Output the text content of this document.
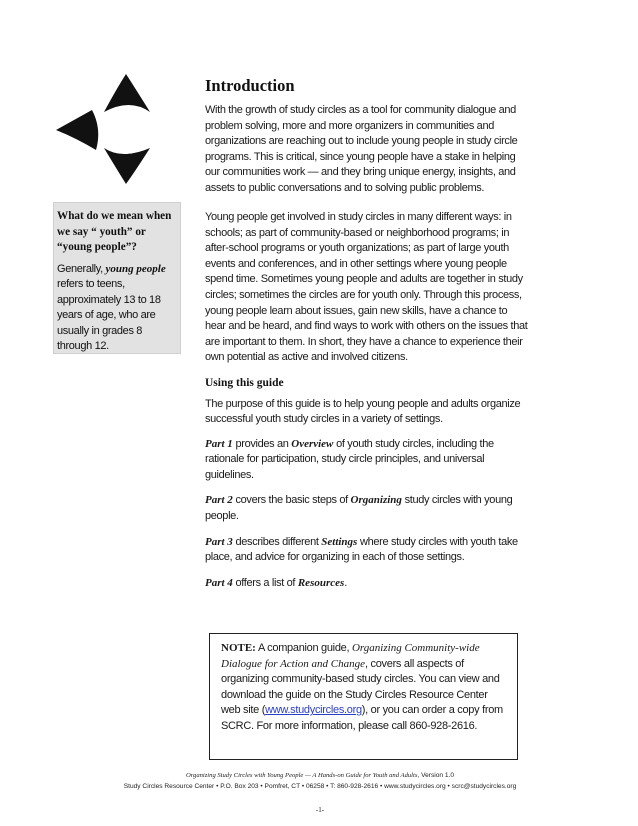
What do we mean when we say “ youth” or “young people”?

Generally, young people refers to teens, approximately 13 to 18 years of age, who are usually in grades 8 through 12.

Introduction

With the growth of study circles as a tool for community dialogue and problem solving, more and more organizers in communities and organizations are reaching out to include young people in study circle programs. This is critical, since young people have a stake in helping our communities work — and they bring unique energy, insights, and assets to public conversations and to solving public problems.

Young people get involved in study circles in many different ways: in schools; as part of community-based or neighborhood programs; in after-school programs or youth organizations; as part of large youth events and conferences, and in other settings where young people spend time. Sometimes young people and adults are together in study circles; sometimes the circles are for youth only. Through this process, young people learn about issues, gain new skills, have a chance to hear and be heard, and find ways to work with others on the issues that are important to them. In short, they have a chance to experience their own potential as active and involved citizens.

Using this guide

The purpose of this guide is to help young people and adults organize successful youth study circles in a variety of settings.

Part 1 provides an Overview of youth study circles, including the rationale for participation, study circle principles, and universal guidelines.

Part 2 covers the basic steps of Organizing study circles with young people.

Part 3 describes different Settings where study circles with youth take place, and advice for organizing in each of those settings.

Part 4 offers a list of Resources.

NOTE: A companion guide, Organizing Community-wide Dialogue for Action and Change, covers all aspects of organizing community-based study circles. You can view and download the guide on the Study Circles Resource Center web site (www.studycircles.org), or you can order a copy from SCRC. For more information, please call 860-928-2616.
Organizing Study Circles with Young People — A Hands-on Guide for Youth and Adults, Version 1.0
Study Circles Resource Center • P.O. Box 203 • Pomfret, CT • 06258 • T: 860-928-2616 • www.studycircles.org • scrc@studycircles.org
-1-
